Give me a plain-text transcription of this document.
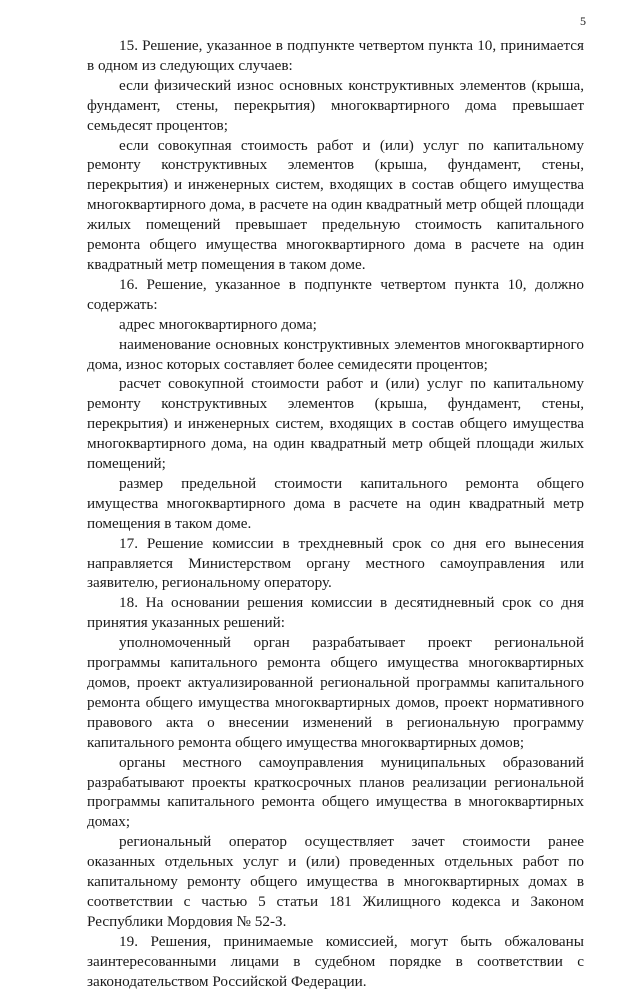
5

15. Решение, указанное в подпункте четвертом пункта 10, принимается в одном из следующих случаев:

если физический износ основных конструктивных элементов (крыша, фундамент, стены, перекрытия) многоквартирного дома превышает семьдесят процентов;

если совокупная стоимость работ и (или) услуг по капитальному ремонту конструктивных элементов (крыша, фундамент, стены, перекрытия) и инженерных систем, входящих в состав общего имущества многоквартирного дома, в расчете на один квадратный метр общей площади жилых помещений превышает предельную стоимость капитального ремонта общего имущества многоквартирного дома в расчете на один квадратный метр помещения в таком доме.

16. Решение, указанное в подпункте четвертом пункта 10, должно содержать:

адрес многоквартирного дома;

наименование основных конструктивных элементов многоквартирного дома, износ которых составляет более семидесяти процентов;

расчет совокупной стоимости работ и (или) услуг по капитальному ремонту конструктивных элементов (крыша, фундамент, стены, перекрытия) и инженерных систем, входящих в состав общего имущества многоквартирного дома, на один квадратный метр общей площади жилых помещений;

размер предельной стоимости капитального ремонта общего имущества многоквартирного дома в расчете на один квадратный метр помещения в таком доме.

17. Решение комиссии в трехдневный срок со дня его вынесения направляется Министерством органу местного самоуправления или заявителю, региональному оператору.

18. На основании решения комиссии в десятидневный срок со дня принятия указанных решений:

уполномоченный орган разрабатывает проект региональной программы капитального ремонта общего имущества многоквартирных домов, проект актуализированной региональной программы капитального ремонта общего имущества многоквартирных домов, проект нормативного правового акта о внесении изменений в региональную программу капитального ремонта общего имущества многоквартирных домов;

органы местного самоуправления муниципальных образований разрабатывают проекты краткосрочных планов реализации региональной программы капитального ремонта общего имущества в многоквартирных домах;

региональный оператор осуществляет зачет стоимости ранее оказанных отдельных услуг и (или) проведенных отдельных работ по капитальному ремонту общего имущества в многоквартирных домах в соответствии с частью 5 статьи 181 Жилищного кодекса и Законом Республики Мордовия № 52-З.

19. Решения, принимаемые комиссией, могут быть обжалованы заинтересованными лицами в судебном порядке в соответствии с законодательством Российской Федерации.
